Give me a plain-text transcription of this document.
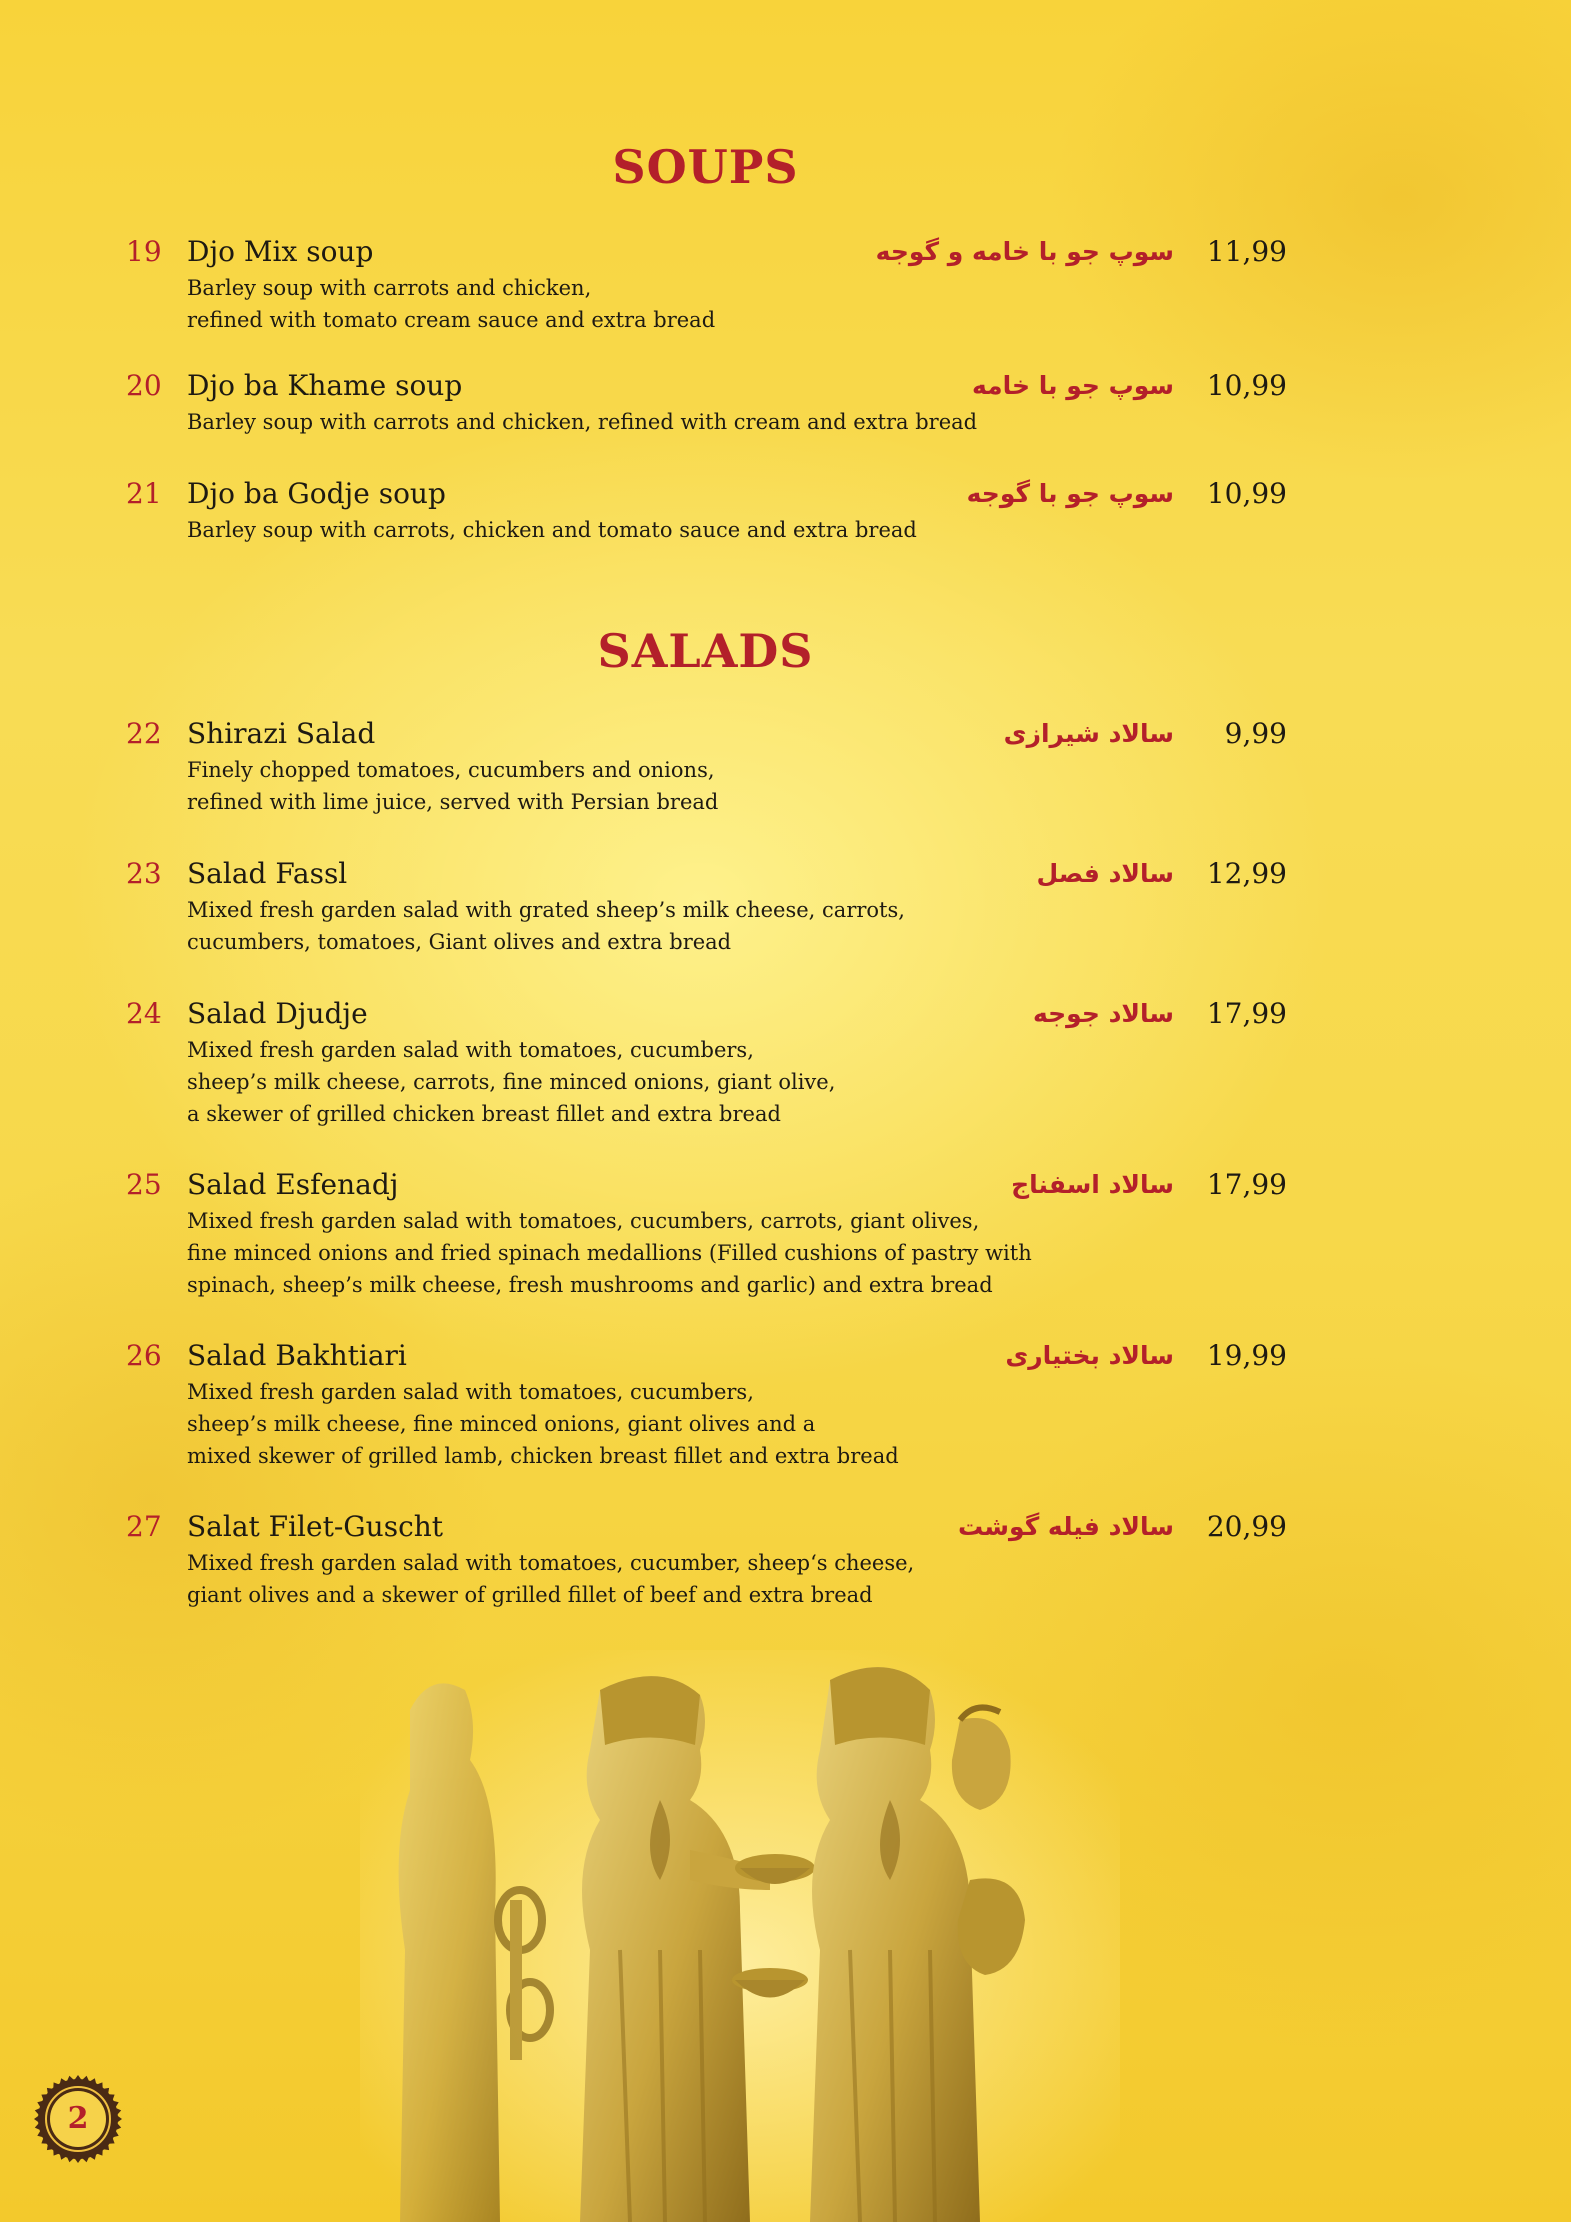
SOUPS
19 Djo Mix soup	سوپ جو با خامه و گوجه 11,99
Barley soup with carrots and chicken,
refined with tomato cream sauce and extra bread
20 Djo ba Khame soup	سوپ جو با خامه 10,99
Barley soup with carrots and chicken, refined with cream and extra bread
21 Djo ba Godje soup	سوپ جو با گوجه 10,99
Barley soup with carrots, chicken and tomato sauce and extra bread
SALADS
22 Shirazi Salad	سالاد شیرازی 9,99
Finely chopped tomatoes, cucumbers and onions,
refined with lime juice, served with Persian bread
23 Salad Fassl	سالاد فصل 12,99
Mixed fresh garden salad with grated sheep’s milk cheese, carrots,
cucumbers, tomatoes, Giant olives and extra bread
24 Salad Djudje	سالاد جوجه 17,99
Mixed fresh garden salad with tomatoes, cucumbers,
sheep’s milk cheese, carrots, fine minced onions, giant olive,
a skewer of grilled chicken breast fillet and extra bread
25 Salad Esfenadj	سالاد اسفناج 17,99
Mixed fresh garden salad with tomatoes, cucumbers, carrots, giant olives,
fine minced onions and fried spinach medallions (Filled cushions of pastry with
spinach, sheep’s milk cheese, fresh mushrooms and garlic) and extra bread
26 Salad Bakhtiari	سالاد بختیاری 19,99
Mixed fresh garden salad with tomatoes, cucumbers,
sheep’s milk cheese, fine minced onions, giant olives and a
mixed skewer of grilled lamb, chicken breast fillet and extra bread
27 Salat Filet-Guscht	سالاد فیله گوشت 20,99
Mixed fresh garden salad with tomatoes, cucumber, sheep‘s cheese,
giant olives and a skewer of grilled fillet of beef and extra bread
2
